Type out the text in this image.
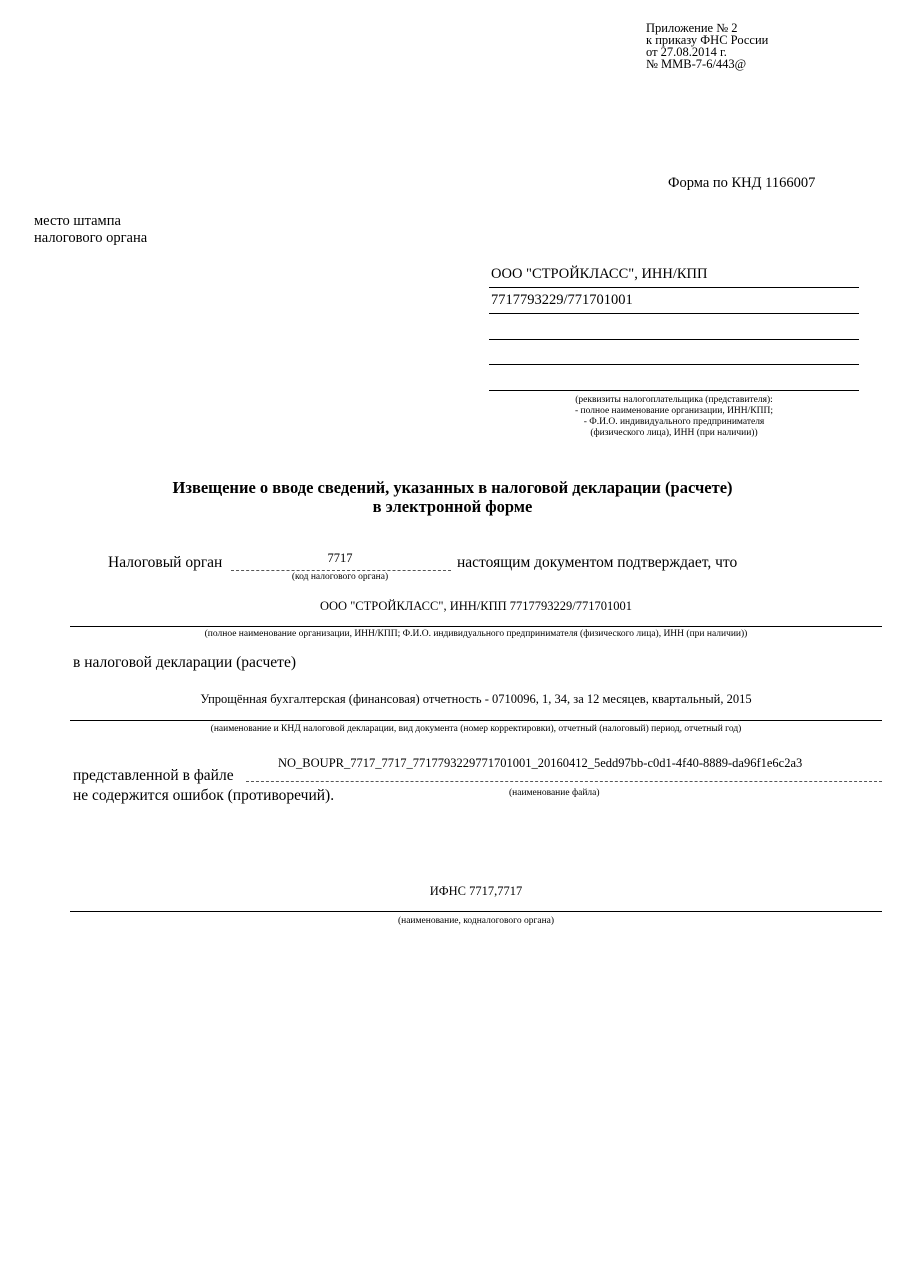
Приложение № 2
к приказу ФНС России
от 27.08.2014 г.
№ ММВ-7-6/443@
Форма по КНД 1166007
место штампа
налогового органа
ООО "СТРОЙКЛАСС", ИНН/КПП
7717793229/771701001
(реквизиты налогоплательщика (представителя):
- полное наименование организации, ИНН/КПП;
- Ф.И.О. индивидуального предпринимателя
(физического лица), ИНН (при наличии))
Извещение о вводе сведений, указанных в налоговой декларации (расчете)
в электронной форме
Налоговый орган	7717	настоящим документом подтверждает, что
(код налогового органа)
ООО "СТРОЙКЛАСС", ИНН/КПП 7717793229/771701001
(полное наименование организации, ИНН/КПП; Ф.И.О. индивидуального предпринимателя (физического лица), ИНН (при наличии))
в налоговой декларации (расчете)
Упрощённая бухгалтерская (финансовая) отчетность - 0710096, 1, 34, за 12 месяцев, квартальный, 2015
(наименование и КНД налоговой декларации, вид документа (номер корректировки), отчетный (налоговый) период, отчетный год)
NO_BOUPR_7717_7717_7717793229771701001_20160412_5edd97bb-c0d1-4f40-8889-da96f1e6c2a3
представленной в файле
не содержится ошибок (противоречий).	(наименование файла)
ИФНС 7717,7717
(наименование, кодналогового органа)
